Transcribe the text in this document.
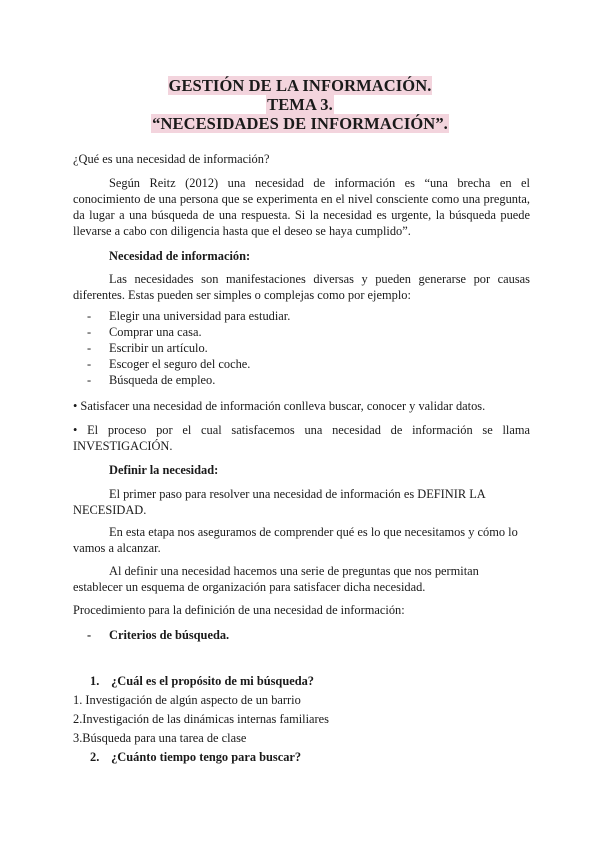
GESTIÓN DE LA INFORMACIÓN.
TEMA 3.
“NECESIDADES DE INFORMACIÓN”.
¿Qué es una necesidad de información?
Según Reitz (2012) una necesidad de información es “una brecha en el conocimiento de una persona que se experimenta en el nivel consciente como una pregunta, da lugar a una búsqueda de una respuesta. Si la necesidad es urgente, la búsqueda puede llevarse a cabo con diligencia hasta que el deseo se haya cumplido”.
Necesidad de información:
Las necesidades son manifestaciones diversas y pueden generarse por causas diferentes. Estas pueden ser simples o complejas como por ejemplo:
- Elegir una universidad para estudiar.
- Comprar una casa.
- Escribir un artículo.
- Escoger el seguro del coche.
- Búsqueda de empleo.
• Satisfacer una necesidad de información conlleva buscar, conocer y validar datos.
• El proceso por el cual satisfacemos una necesidad de información se llama INVESTIGACIÓN.
Definir la necesidad:
El primer paso para resolver una necesidad de información es DEFINIR LA NECESIDAD.
En esta etapa nos aseguramos de comprender qué es lo que necesitamos y cómo lo vamos a alcanzar.
Al definir una necesidad hacemos una serie de preguntas que nos permitan establecer un esquema de organización para satisfacer dicha necesidad.
Procedimiento para la definición de una necesidad de información:
- Criterios de búsqueda.
1. ¿Cuál es el propósito de mi búsqueda?
1. Investigación de algún aspecto de un barrio
2.Investigación de las dinámicas internas familiares
3.Búsqueda para una tarea de clase
2. ¿Cuánto tiempo tengo para buscar?
